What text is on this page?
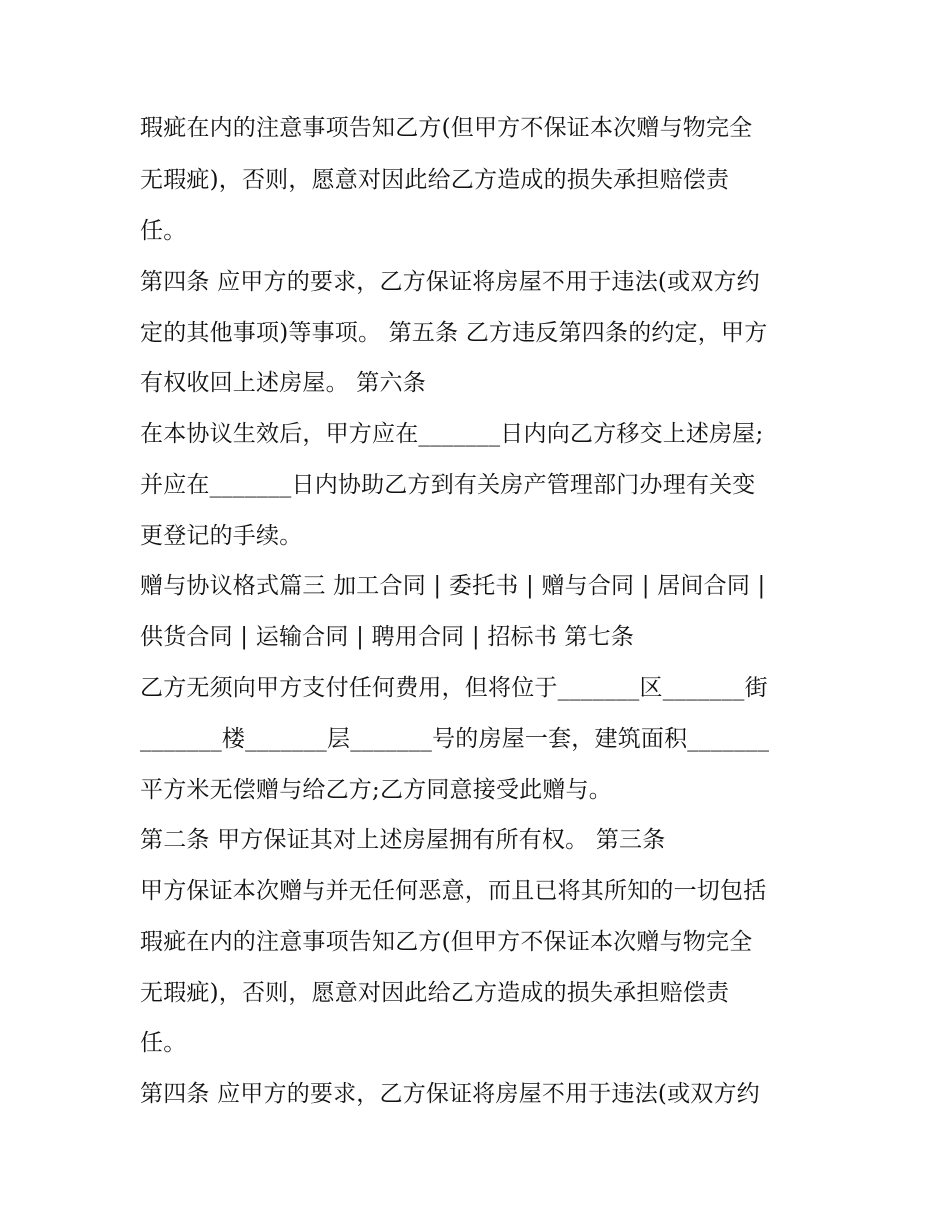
瑕疵在内的注意事项告知乙方(但甲方不保证本次赠与物完全
无瑕疵)，否则，愿意对因此给乙方造成的损失承担赔偿责
任。
第四条 应甲方的要求，乙方保证将房屋不用于违法(或双方约
定的其他事项)等事项。 第五条 乙方违反第四条的约定，甲方
有权收回上述房屋。 第六条
在本协议生效后，甲方应在_______日内向乙方移交上述房屋;
并应在_______日内协助乙方到有关房产管理部门办理有关变
更登记的手续。
赠与协议格式篇三 加工合同 | 委托书 | 赠与合同 | 居间合同 |
供货合同 | 运输合同 | 聘用合同 | 招标书 第七条
乙方无须向甲方支付任何费用，但将位于_______区_______街
_______楼_______层_______号的房屋一套，建筑面积_______
平方米无偿赠与给乙方;乙方同意接受此赠与。
第二条 甲方保证其对上述房屋拥有所有权。 第三条
甲方保证本次赠与并无任何恶意，而且已将其所知的一切包括
瑕疵在内的注意事项告知乙方(但甲方不保证本次赠与物完全
无瑕疵)，否则，愿意对因此给乙方造成的损失承担赔偿责
任。
第四条 应甲方的要求，乙方保证将房屋不用于违法(或双方约
